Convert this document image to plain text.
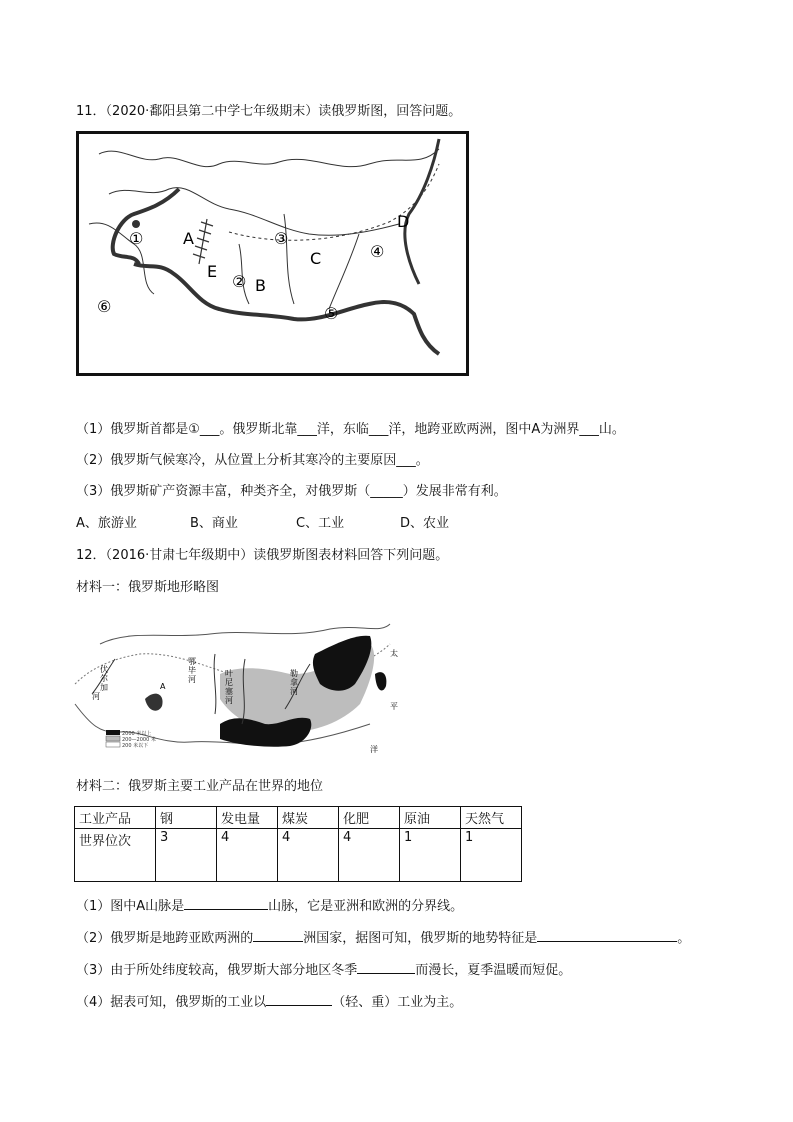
11．（2020·鄱阳县第二中学七年级期末）读俄罗斯图，回答问题。
① A
E
② B
③
C	④
D
⑤
⑥
（1）俄罗斯首都是①___。俄罗斯北靠___洋，东临___洋，地跨亚欧两洲，图中A为洲界___山。
（2）俄罗斯气候寒冷，从位置上分析其寒冷的主要原因___。
（3）俄罗斯矿产资源丰富，种类齐全，对俄罗斯（_____）发展非常有利。
A、旅游业	B、商业	C、工业	D、农业
12．（2016·甘肃七年级期中）读俄罗斯图表材料回答下列问题。
材料一：俄罗斯地形略图
伏
尔
加
河
A
鄂
毕
河
叶
尼
塞
河
勒
拿
河
太
平
洋
2000 米以上
200—2000 米
200 米以下
材料二：俄罗斯主要工业产品在世界的地位
工业产品	钢	发电量	煤炭	化肥	原油	天然气
世界位次	3	4	4	4	1	1
（1）图中A山脉是	山脉，它是亚洲和欧洲的分界线。
（2）俄罗斯是地跨亚欧两洲的	洲国家，据图可知，俄罗斯的地势特征是	。
（3）由于所处纬度较高，俄罗斯大部分地区冬季	而漫长，夏季温暖而短促。
（4）据表可知，俄罗斯的工业以	（轻、重）工业为主。
